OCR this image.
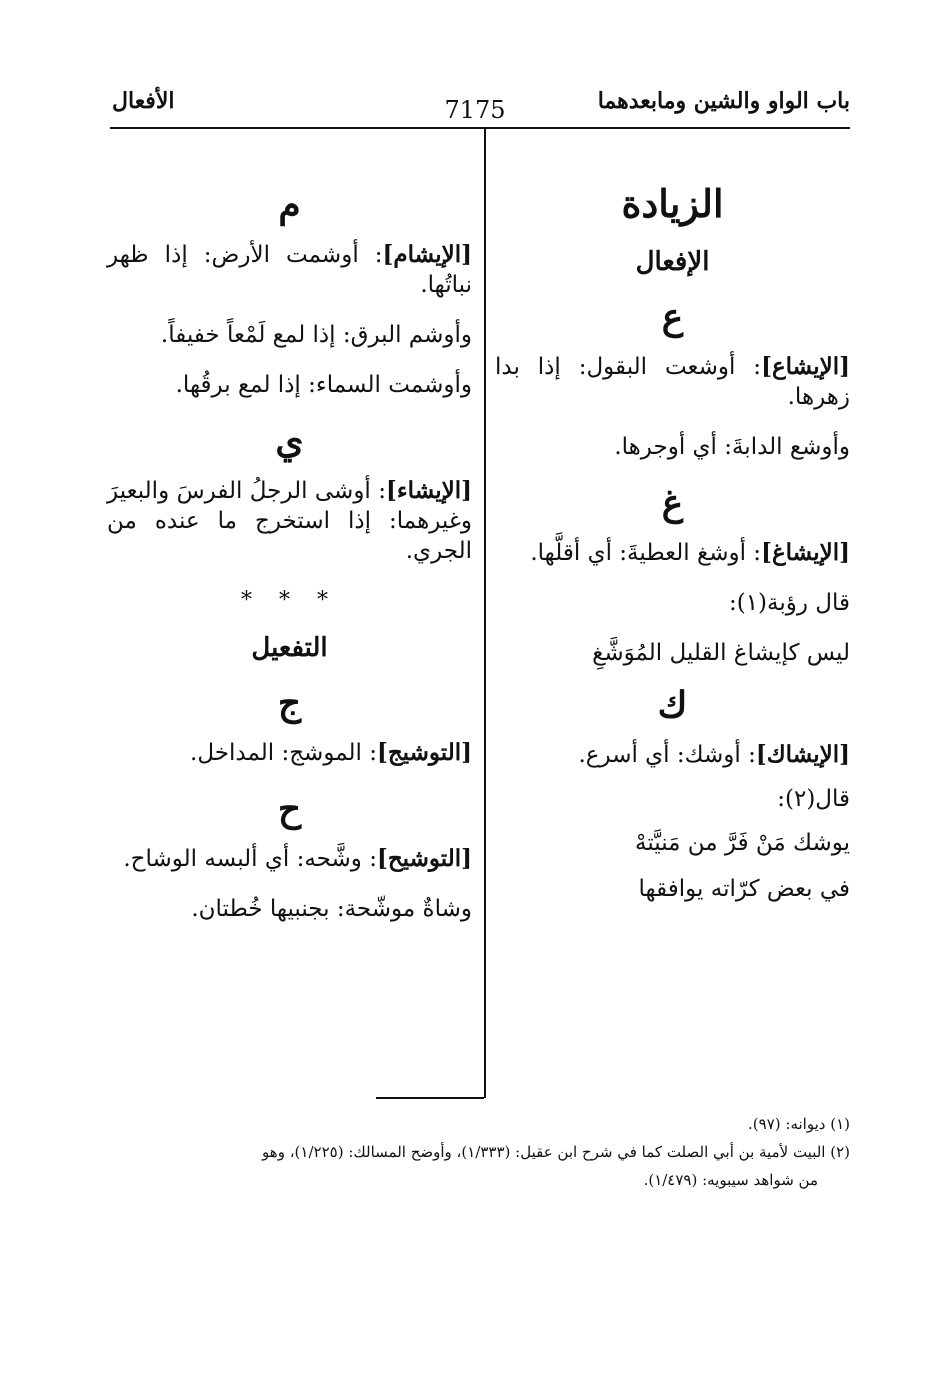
باب الواو والشين ومابعدهما
7175
الأفعال
الزيادة
الإفعال
ع

[الإيشاع]: أوشعت البقول: إذا بدا زهرها.

وأوشع الدابةَ: أي أوجرها.

غ

[الإيشاغ]: أوشغ العطيةَ: أي أقلَّها.

قال رؤبة(١):

ليس كإيشاغ القليل المُوَشَّغِ

ك

[الإيشاك]: أوشك: أي أسرع.

قال(٢):

يوشك مَنْ فَرَّ من مَنيَّتهْ

في بعض كرّاته يوافقها

م

[الإيشام]: أوشمت الأرض: إذا ظهر نباتُها.

وأوشم البرق: إذا لمع لَمْعاً خفيفاً.

وأوشمت السماء: إذا لمع برقُها.

ي

[الإيشاء]: أوشى الرجلُ الفرسَ والبعيرَ وغيرهما: إذا استخرج ما عنده من الجري.

* * *
التفعيل
ج

[التوشيج]: الموشج: المداخل.

ح

[التوشيح]: وشَّحه: أي ألبسه الوشاح.

وشاةٌ موشّحة: بجنبيها خُطتان.

(١) ديوانه: (٩٧).

(٢) البيت لأمية بن أبي الصلت كما في شرح ابن عقيل: (١/٣٣٣)، وأوضح المسالك: (١/٢٢٥)، وهو

من شواهد سيبويه: (١/٤٧٩).
